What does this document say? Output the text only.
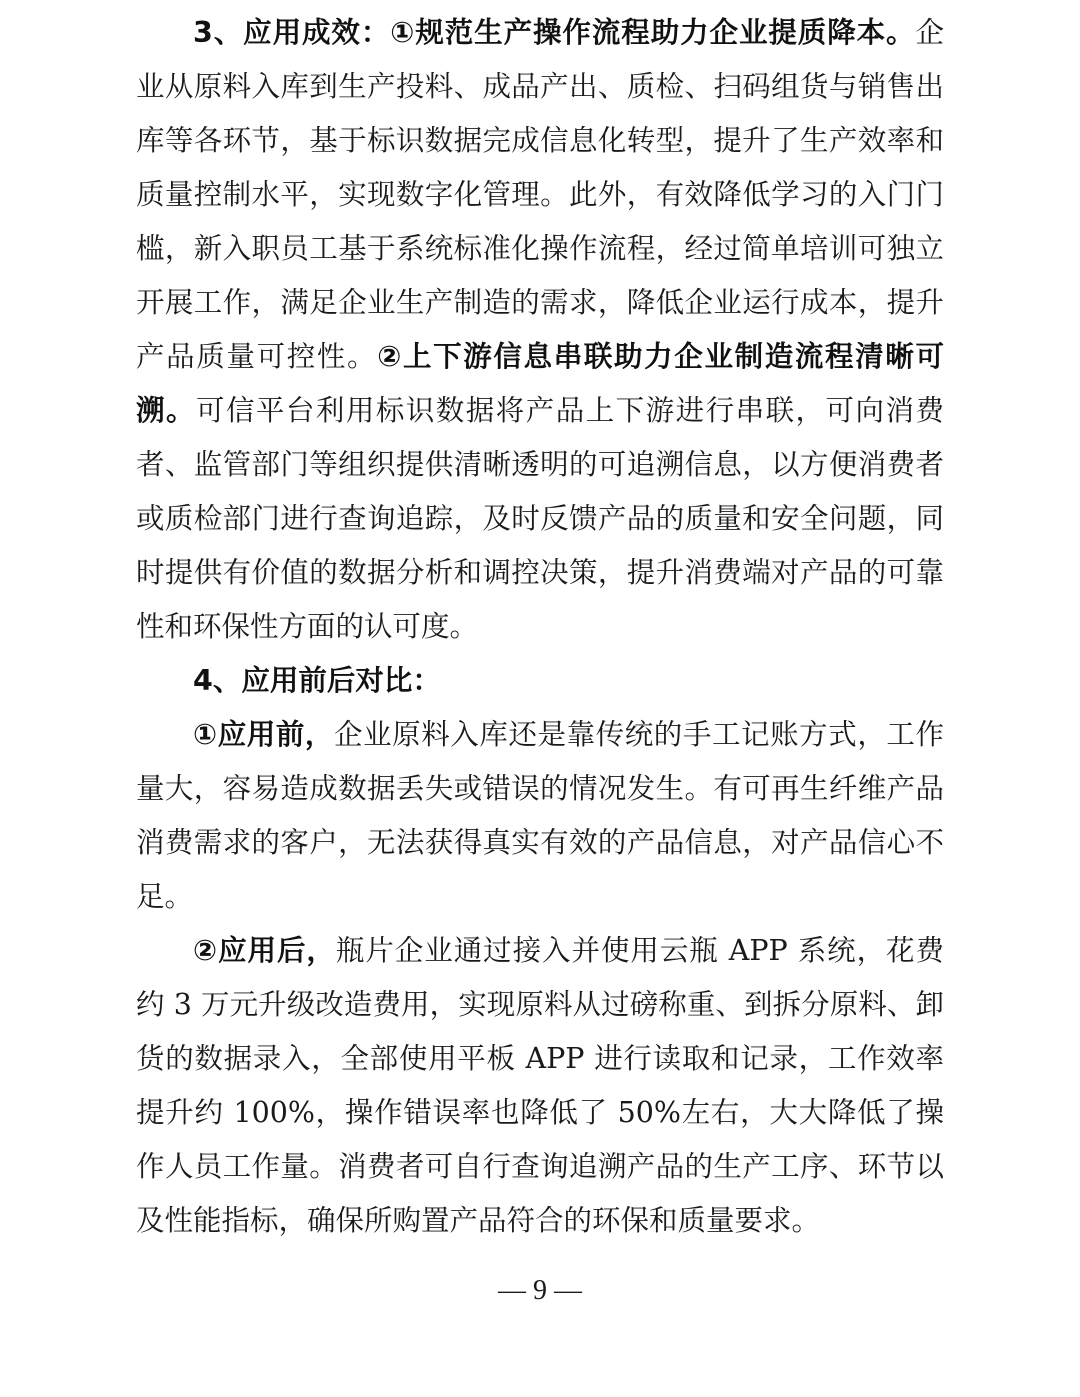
3、应用成效：①规范生产操作流程助力企业提质降本。企业从原料入库到生产投料、成品产出、质检、扫码组货与销售出库等各环节，基于标识数据完成信息化转型，提升了生产效率和质量控制水平，实现数字化管理。此外，有效降低学习的入门门槛，新入职员工基于系统标准化操作流程，经过简单培训可独立开展工作，满足企业生产制造的需求，降低企业运行成本，提升产品质量可控性。②上下游信息串联助力企业制造流程清晰可溯。可信平台利用标识数据将产品上下游进行串联，可向消费者、监管部门等组织提供清晰透明的可追溯信息，以方便消费者或质检部门进行查询追踪，及时反馈产品的质量和安全问题，同时提供有价值的数据分析和调控决策，提升消费端对产品的可靠性和环保性方面的认可度。

4、应用前后对比：

①应用前，企业原料入库还是靠传统的手工记账方式，工作量大，容易造成数据丢失或错误的情况发生。有可再生纤维产品消费需求的客户，无法获得真实有效的产品信息，对产品信心不足。

②应用后，瓶片企业通过接入并使用云瓶 APP 系统，花费约 3 万元升级改造费用，实现原料从过磅称重、到拆分原料、卸货的数据录入，全部使用平板 APP 进行读取和记录，工作效率提升约 100%，操作错误率也降低了 50%左右，大大降低了操作人员工作量。消费者可自行查询追溯产品的生产工序、环节以及性能指标，确保所购置产品符合的环保和质量要求。

— 9 —
